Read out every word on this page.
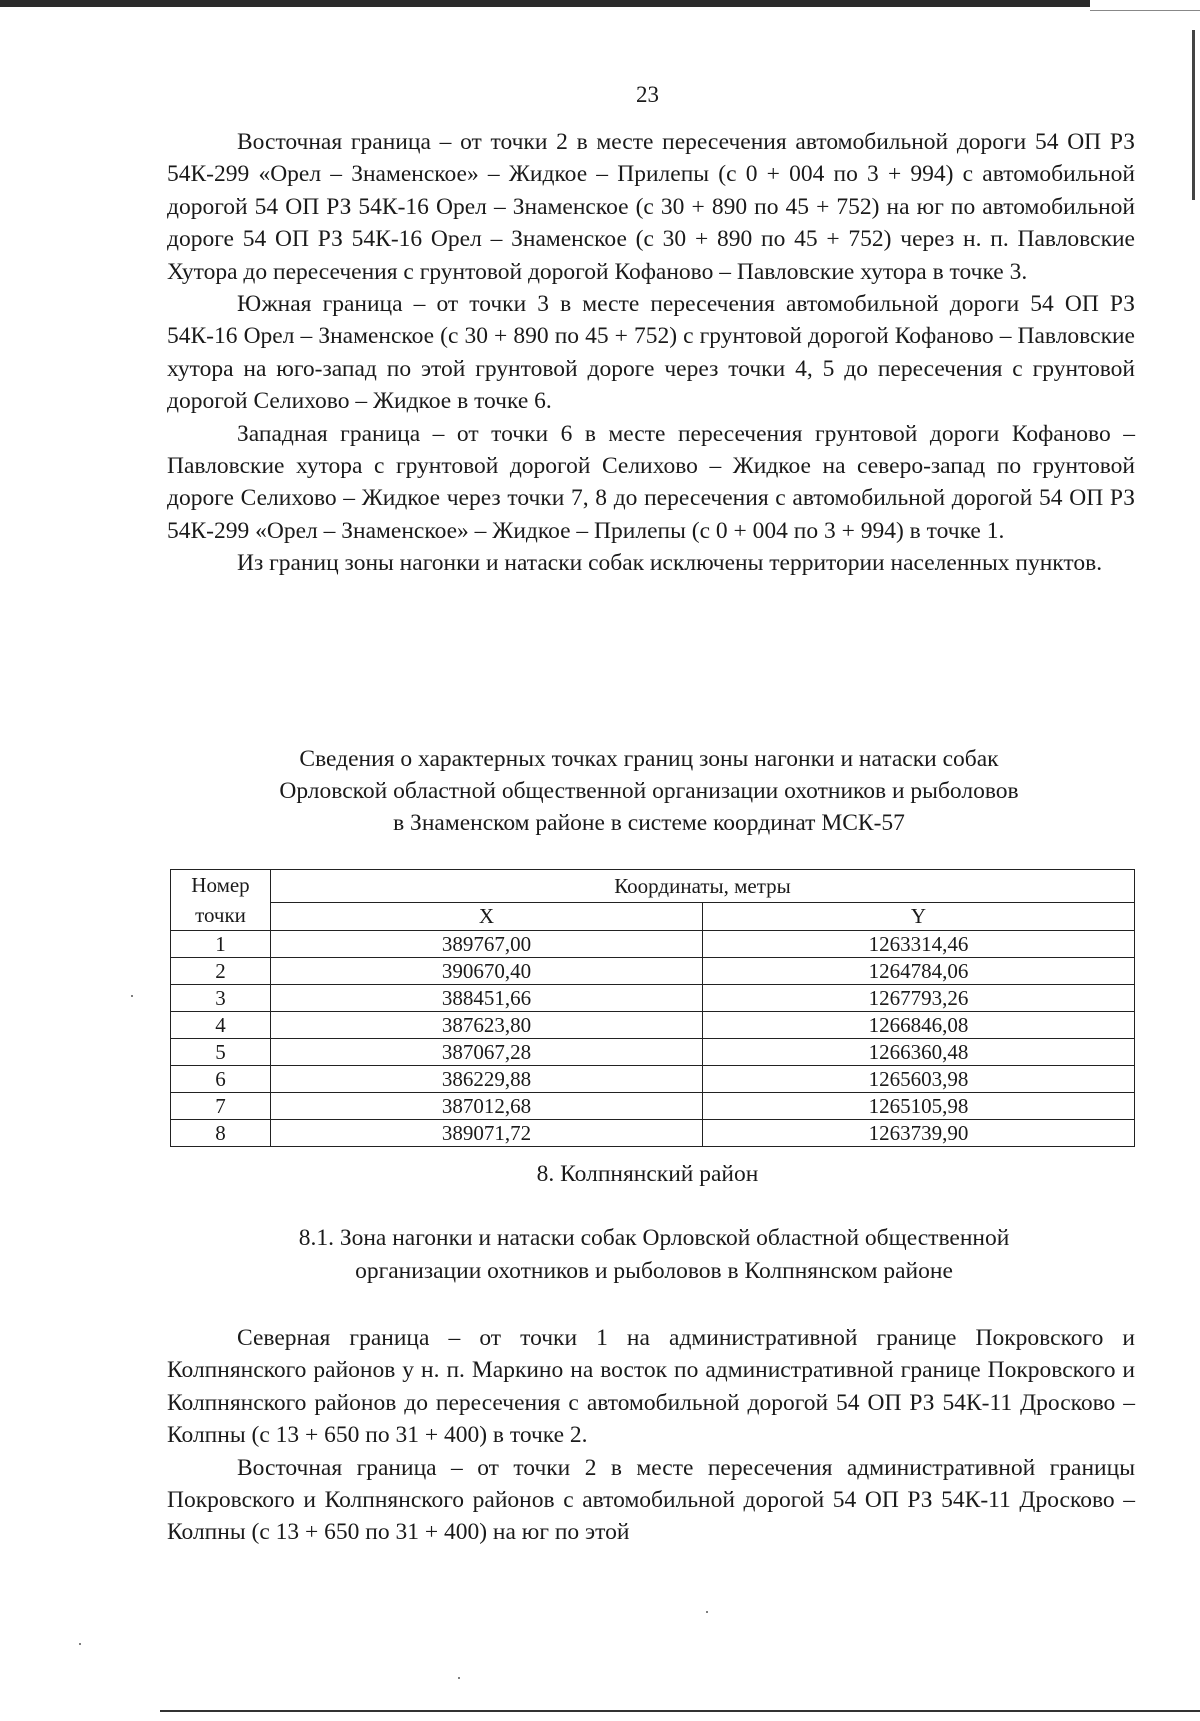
23

Восточная граница – от точки 2 в месте пересечения автомобильной дороги 54 ОП РЗ 54К-299 «Орел – Знаменское» – Жидкое – Прилепы (с 0 + 004 по 3 + 994) с автомобильной дорогой 54 ОП РЗ 54К-16 Орел – Знаменское (с 30 + 890 по 45 + 752) на юг по автомобильной дороге 54 ОП РЗ 54К-16 Орел – Знаменское (с 30 + 890 по 45 + 752) через н. п. Павловские Хутора до пересечения с грунтовой дорогой Кофаново – Павловские хутора в точке 3.

Южная граница – от точки 3 в месте пересечения автомобильной дороги 54 ОП РЗ 54К-16 Орел – Знаменское (с 30 + 890 по 45 + 752) с грунтовой дорогой Кофаново – Павловские хутора на юго-запад по этой грунтовой дороге через точки 4, 5 до пересечения с грунтовой дорогой Селихово – Жидкое в точке 6.

Западная граница – от точки 6 в месте пересечения грунтовой дороги Кофаново – Павловские хутора с грунтовой дорогой Селихово – Жидкое на северо-запад по грунтовой дороге Селихово – Жидкое через точки 7, 8 до пересечения с автомобильной дорогой 54 ОП РЗ 54К-299 «Орел – Знаменское» – Жидкое – Прилепы (с 0 + 004 по 3 + 994) в точке 1.

Из границ зоны нагонки и натаски собак исключены территории населенных пунктов.

Сведения о характерных точках границ зоны нагонки и натаски собак
Орловской областной общественной организации охотников и рыболовов
в Знаменском районе в системе координат МСК-57
Номер
точки	Координаты, метры	
	X	Y
1	389767,00	1263314,46
2	390670,40	1264784,06
3	388451,66	1267793,26
4	387623,80	1266846,08
5	387067,28	1266360,48
6	386229,88	1265603,98
7	387012,68	1265105,98
8	389071,72	1263739,90
8. Колпнянский район
8.1. Зона нагонки и натаски собак Орловской областной общественной
организации охотников и рыболовов в Колпнянском районе

Северная граница – от точки 1 на административной границе Покровского и Колпнянского районов у н. п. Маркино на восток по административной границе Покровского и Колпнянского районов до пересечения с автомобильной дорогой 54 ОП РЗ 54К-11 Дросково – Колпны (с 13 + 650 по 31 + 400) в точке 2.

Восточная граница – от точки 2 в месте пересечения административной границы Покровского и Колпнянского районов с автомобильной дорогой 54 ОП РЗ 54К-11 Дросково – Колпны (с 13 + 650 по 31 + 400) на юг по этой
